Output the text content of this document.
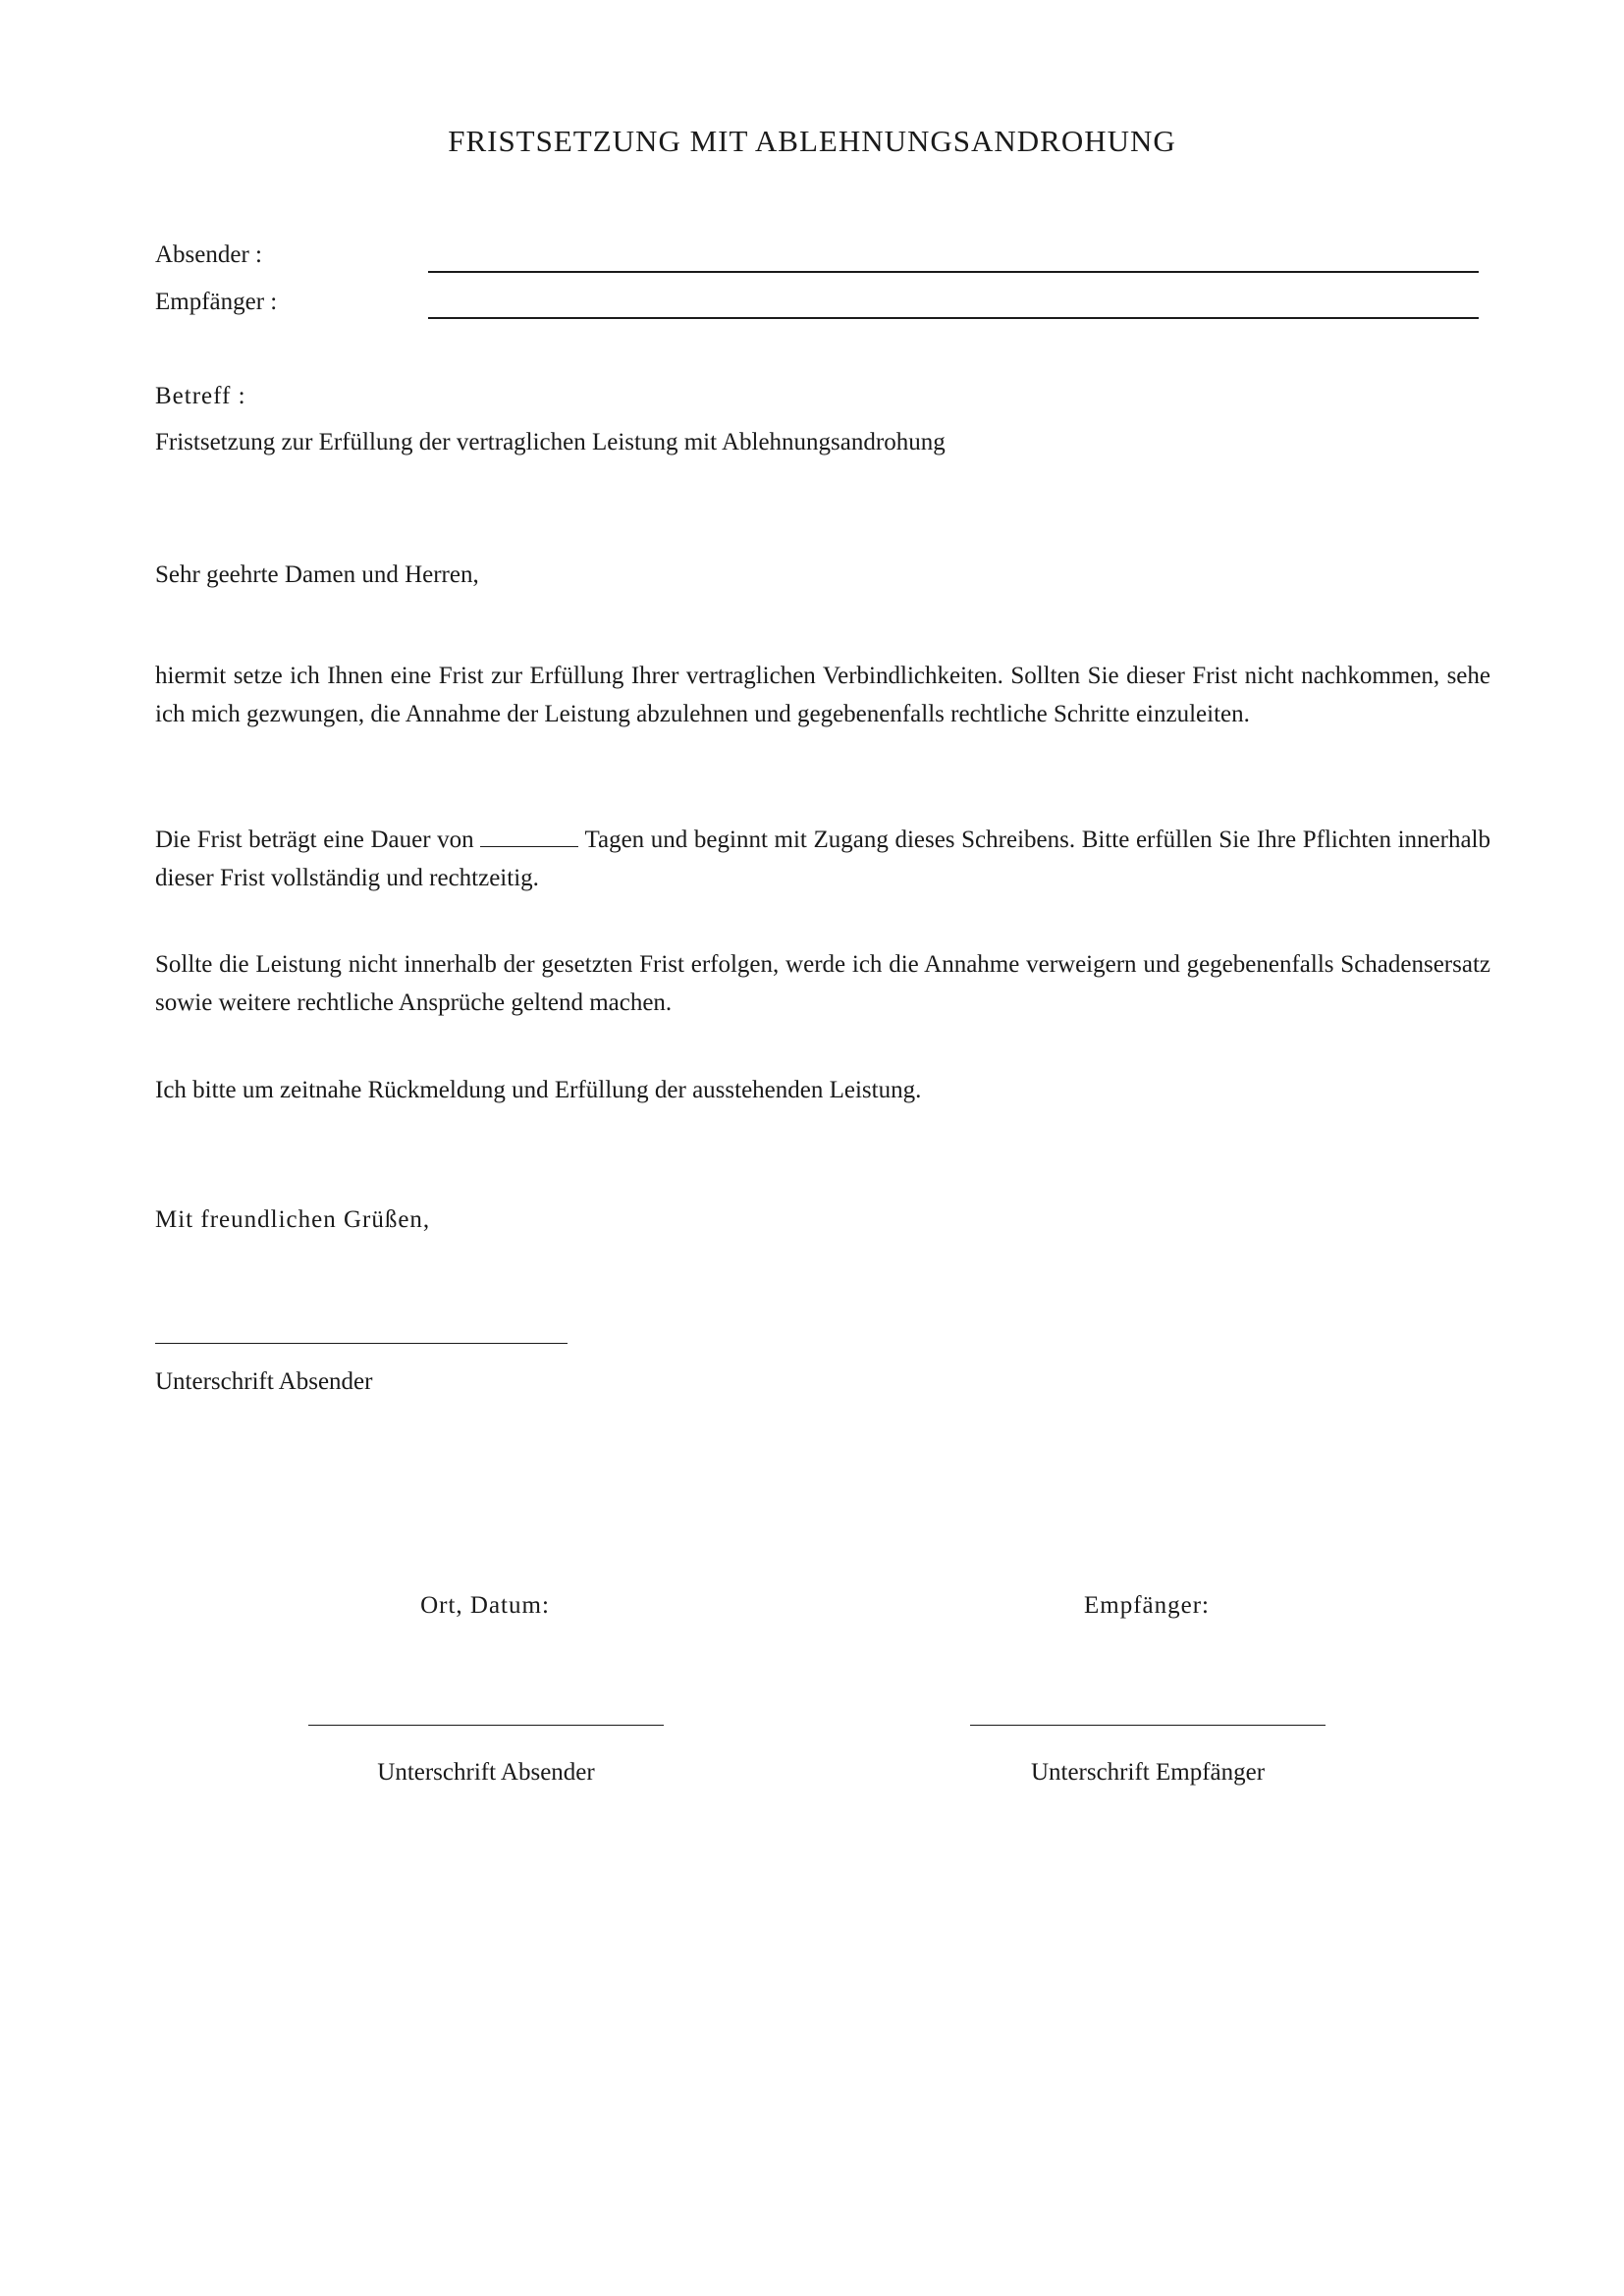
FRISTSETZUNG MIT ABLEHNUNGSANDROHUNG
Absender :
Empfänger :
Betreff :
Fristsetzung zur Erfüllung der vertraglichen Leistung mit Ablehnungsandrohung
Sehr geehrte Damen und Herren,
hiermit setze ich Ihnen eine Frist zur Erfüllung Ihrer vertraglichen Verbindlichkeiten. Sollten Sie dieser Frist nicht nachkommen, sehe ich mich gezwungen, die Annahme der Leistung abzulehnen und gegebenenfalls rechtliche Schritte einzuleiten.
Die Frist beträgt eine Dauer von	Tagen und beginnt mit Zugang dieses Schreibens. Bitte erfüllen Sie Ihre Pflichten innerhalb dieser Frist vollständig und rechtzeitig.
Sollte die Leistung nicht innerhalb der gesetzten Frist erfolgen, werde ich die Annahme verweigern und gegebenenfalls Schadensersatz sowie weitere rechtliche Ansprüche geltend machen.
Ich bitte um zeitnahe Rückmeldung und Erfüllung der ausstehenden Leistung.
Mit freundlichen Grüßen,
Unterschrift Absender
Ort, Datum:	Empfänger:
Unterschrift Absender	Unterschrift Empfänger
